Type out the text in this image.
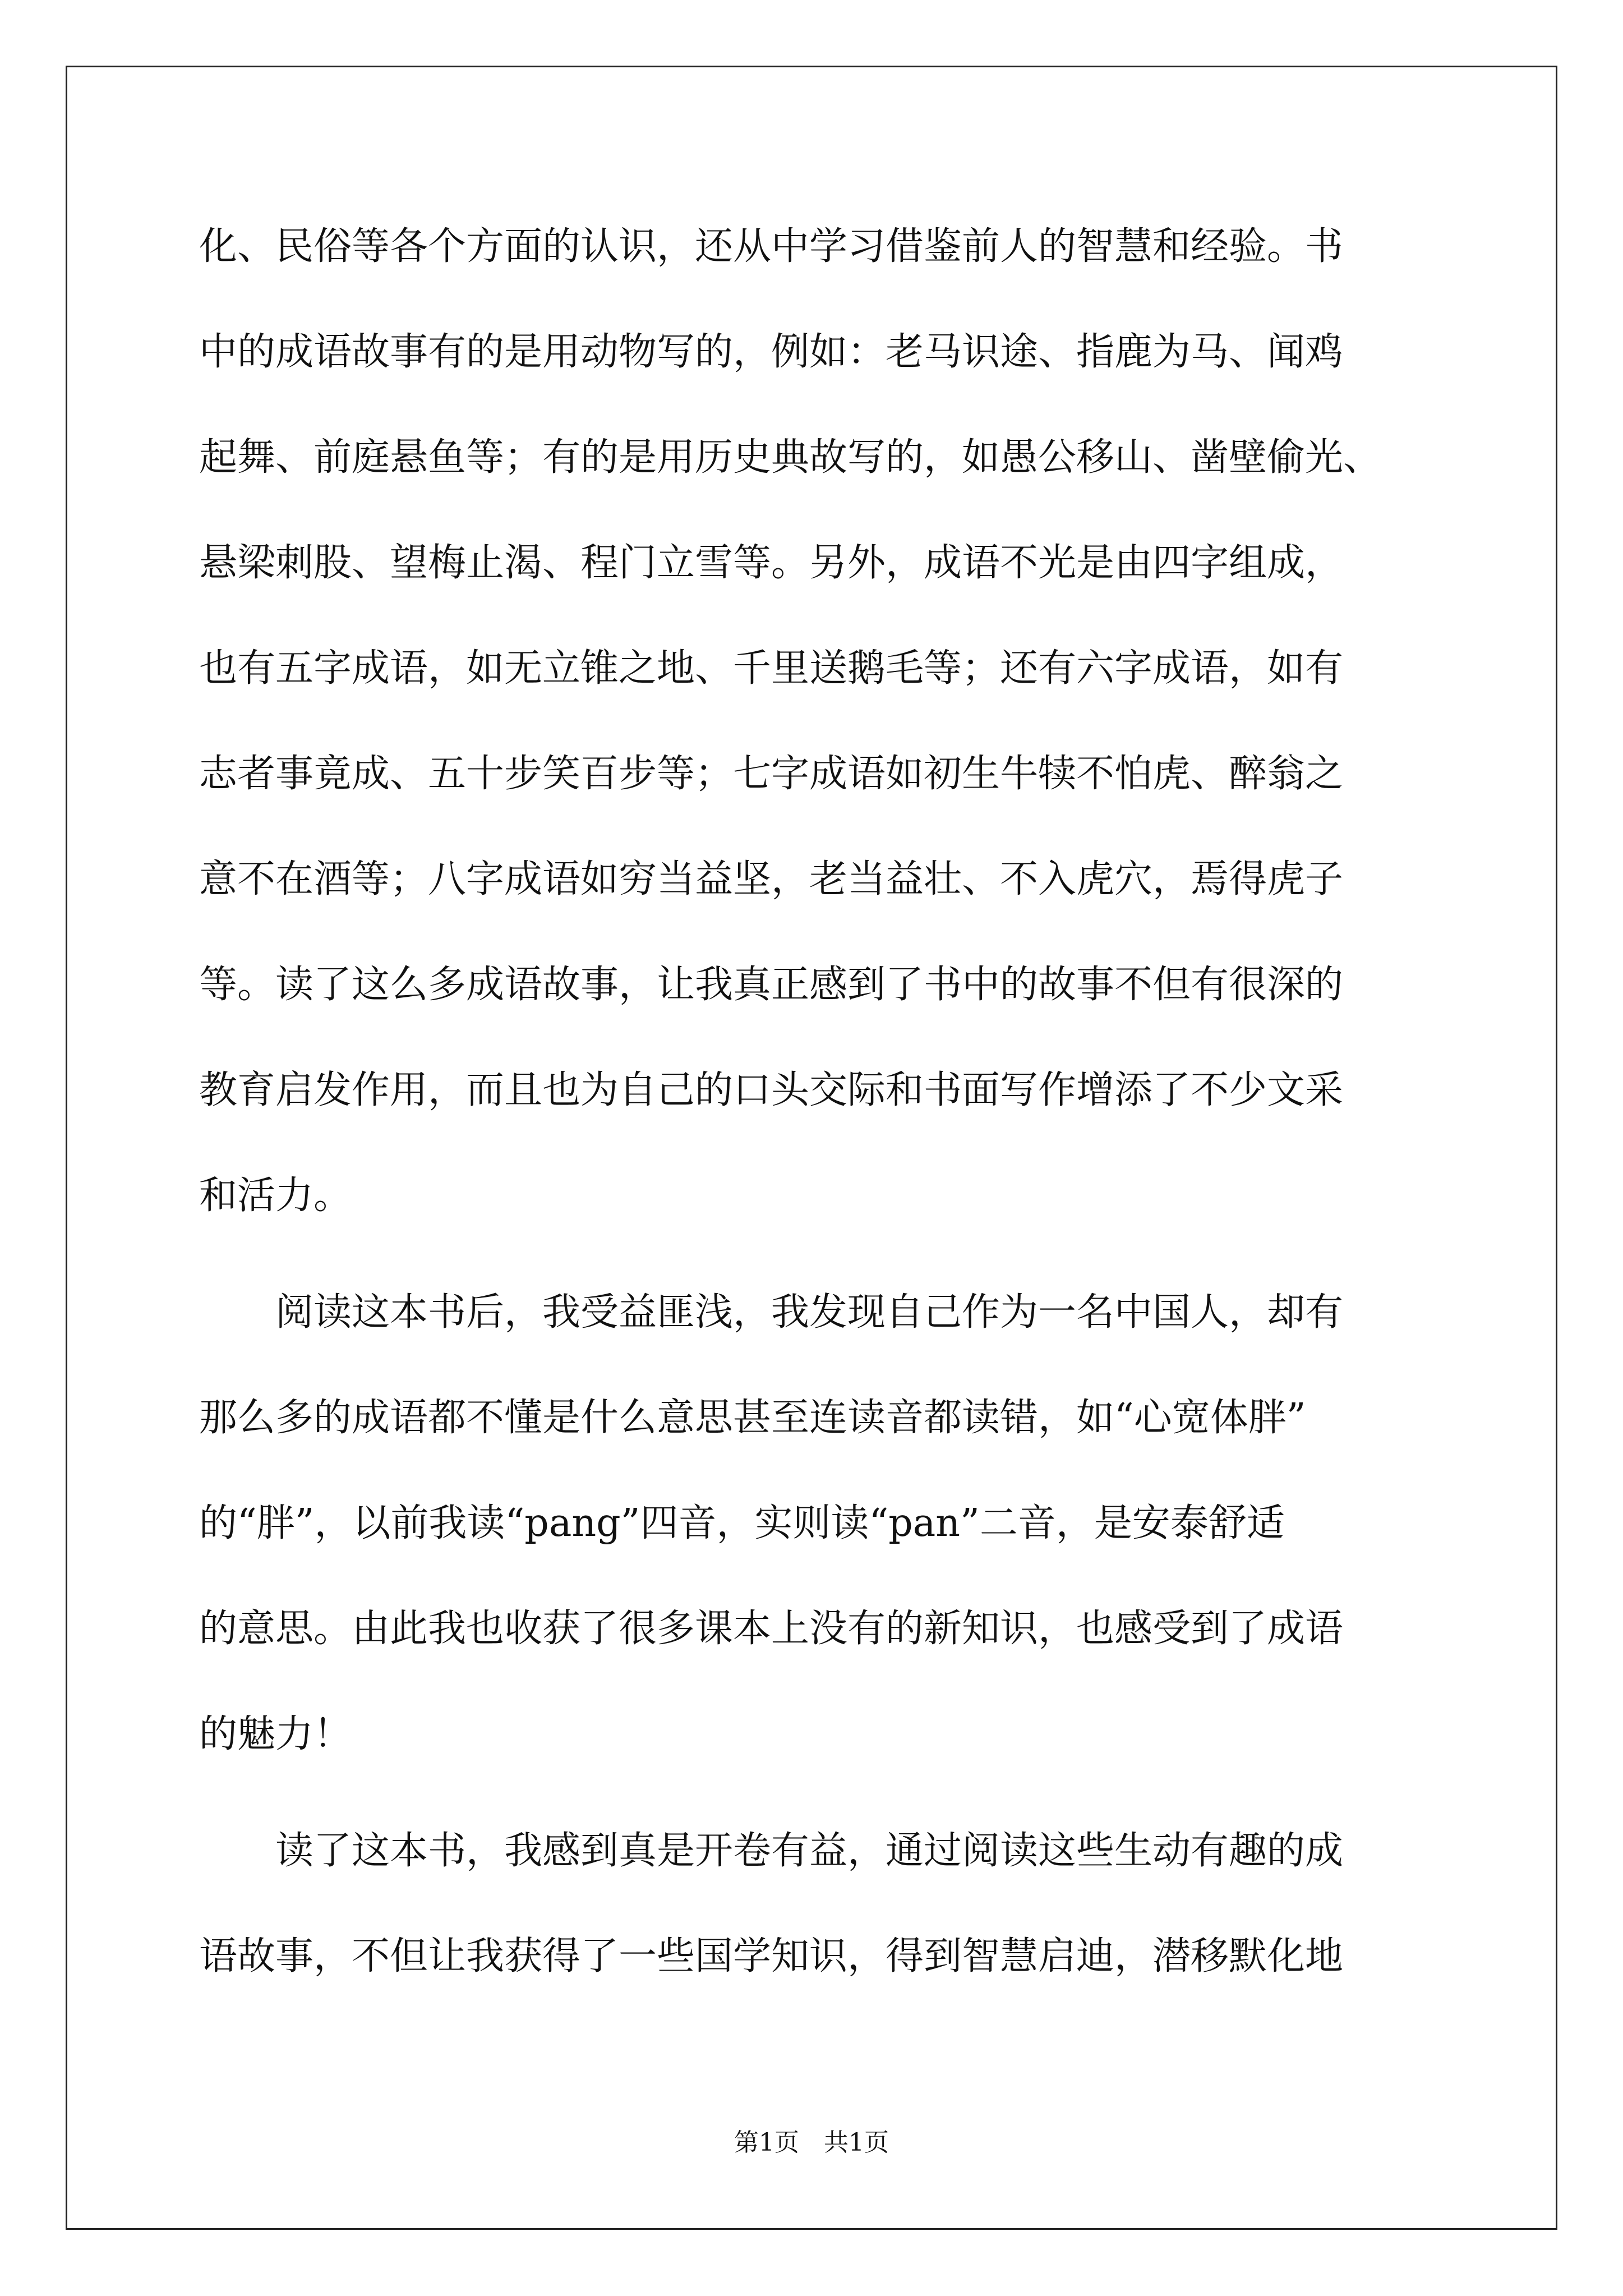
化、民俗等各个方面的认识，还从中学习借鉴前人的智慧和经验。书

中的成语故事有的是用动物写的，例如：老马识途、指鹿为马、闻鸡

起舞、前庭悬鱼等；有的是用历史典故写的，如愚公移山、凿壁偷光、

悬梁刺股、望梅止渴、程门立雪等。另外，成语不光是由四字组成，

也有五字成语，如无立锥之地、千里送鹅毛等；还有六字成语，如有

志者事竟成、五十步笑百步等；七字成语如初生牛犊不怕虎、醉翁之

意不在酒等；八字成语如穷当益坚，老当益壮、不入虎穴，焉得虎子

等。读了这么多成语故事，让我真正感到了书中的故事不但有很深的

教育启发作用，而且也为自己的口头交际和书面写作增添了不少文采

和活力。

　　阅读这本书后，我受益匪浅，我发现自己作为一名中国人，却有

那么多的成语都不懂是什么意思甚至连读音都读错，如“心宽体胖”

的“胖”，以前我读“pang”四音，实则读“pan”二音，是安泰舒适

的意思。由此我也收获了很多课本上没有的新知识，也感受到了成语

的魅力！

　　读了这本书，我感到真是开卷有益，通过阅读这些生动有趣的成

语故事，不但让我获得了一些国学知识，得到智慧启迪，潜移默化地

第1页　共1页
